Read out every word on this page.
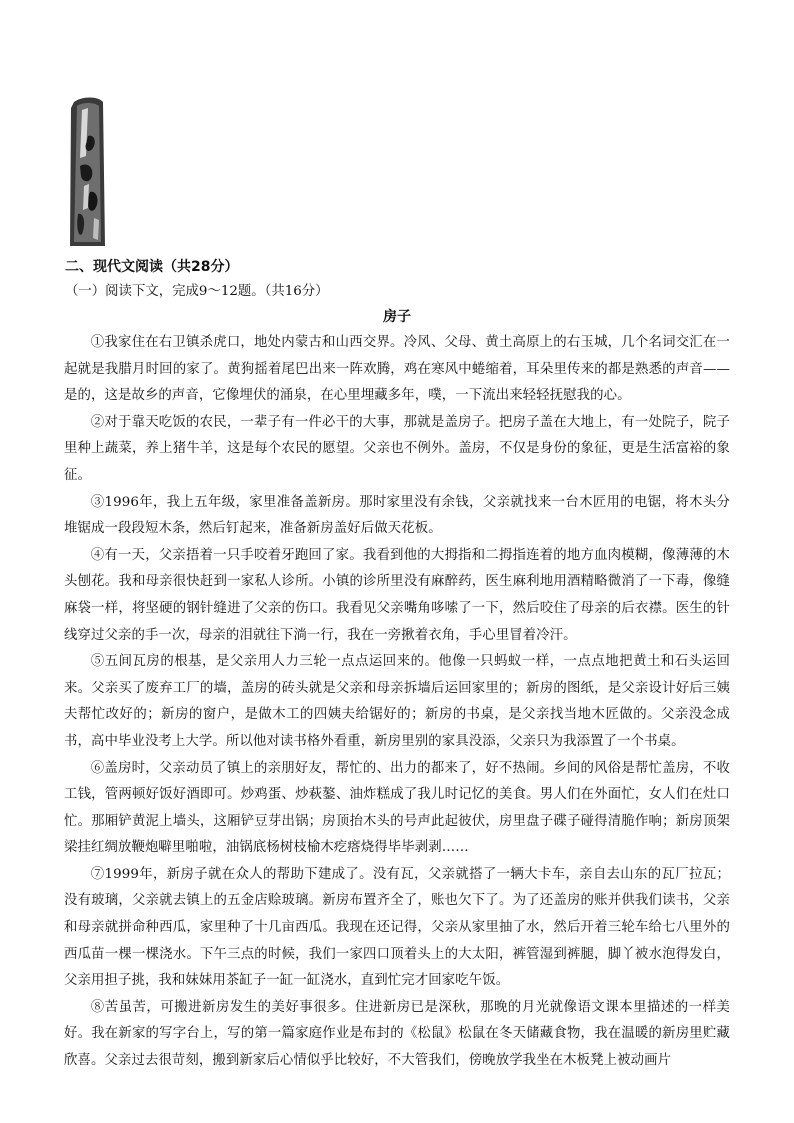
二、现代文阅读（共28分）

（一）阅读下文，完成9～12题。（共16分）

房子

①我家住在右卫镇杀虎口，地处内蒙古和山西交界。冷风、父母、黄土高原上的右玉城，几个名词交汇在一起就是我腊月时回的家了。黄狗摇着尾巴出来一阵欢腾，鸡在寒风中蜷缩着，耳朵里传来的都是熟悉的声音——是的，这是故乡的声音，它像埋伏的涌泉，在心里埋藏多年，噗，一下流出来轻轻抚慰我的心。

②对于靠天吃饭的农民，一辈子有一件必干的大事，那就是盖房子。把房子盖在大地上，有一处院子，院子里种上蔬菜，养上猪牛羊，这是每个农民的愿望。父亲也不例外。盖房，不仅是身份的象征，更是生活富裕的象征。

③1996年，我上五年级，家里准备盖新房。那时家里没有余钱，父亲就找来一台木匠用的电锯，将木头分堆锯成一段段短木条，然后钉起来，准备新房盖好后做天花板。

④有一天，父亲捂着一只手咬着牙跑回了家。我看到他的大拇指和二拇指连着的地方血肉模糊，像薄薄的木头刨花。我和母亲很快赶到一家私人诊所。小镇的诊所里没有麻醉药，医生麻利地用酒精略微消了一下毒，像缝麻袋一样，将坚硬的钢针缝进了父亲的伤口。我看见父亲嘴角哆嗦了一下，然后咬住了母亲的后衣襟。医生的针线穿过父亲的手一次，母亲的泪就往下淌一行，我在一旁揪着衣角，手心里冒着冷汗。

⑤五间瓦房的根基，是父亲用人力三轮一点点运回来的。他像一只蚂蚁一样，一点点地把黄土和石头运回来。父亲买了废弃工厂的墙，盖房的砖头就是父亲和母亲拆墙后运回家里的；新房的图纸，是父亲设计好后三姨夫帮忙改好的；新房的窗户，是做木工的四姨夫给锯好的；新房的书桌，是父亲找当地木匠做的。父亲没念成书，高中毕业没考上大学。所以他对读书格外看重，新房里别的家具没添，父亲只为我添置了一个书桌。

⑥盖房时，父亲动员了镇上的亲朋好友，帮忙的、出力的都来了，好不热闹。乡间的风俗是帮忙盖房，不收工钱，管两顿好饭好酒即可。炒鸡蛋、炒萩鏊、油炸糕成了我儿时记忆的美食。男人们在外面忙，女人们在灶口忙。那厢铲黄泥上墙头，这厢铲豆芽出锅；房顶抬木头的号声此起彼伏，房里盘子碟子碰得清脆作响；新房顶架梁挂红绸放鞭炮噼里啪啦，油锅底杨树枝榆木疙瘩烧得毕毕剥剥……

⑦1999年，新房子就在众人的帮助下建成了。没有瓦，父亲就搭了一辆大卡车，亲自去山东的瓦厂拉瓦；没有玻璃，父亲就去镇上的五金店赊玻璃。新房布置齐全了，账也欠下了。为了还盖房的账并供我们读书，父亲和母亲就拼命种西瓜，家里种了十几亩西瓜。我现在还记得，父亲从家里抽了水，然后开着三轮车给七八里外的西瓜苗一棵一棵浇水。下午三点的时候，我们一家四口顶着头上的大太阳，裤管湿到裤腿，脚丫被水泡得发白，父亲用担子挑，我和妹妹用茶缸子一缸一缸浇水，直到忙完才回家吃午饭。

⑧苦虽苦，可搬进新房发生的美好事很多。住进新房已是深秋，那晚的月光就像语文课本里描述的一样美好。我在新家的写字台上，写的第一篇家庭作业是布封的《松鼠》松鼠在冬天储藏食物，我在温暖的新房里贮藏欣喜。父亲过去很苛刻，搬到新家后心情似乎比较好，不大管我们，傍晚放学我坐在木板凳上被动画片
